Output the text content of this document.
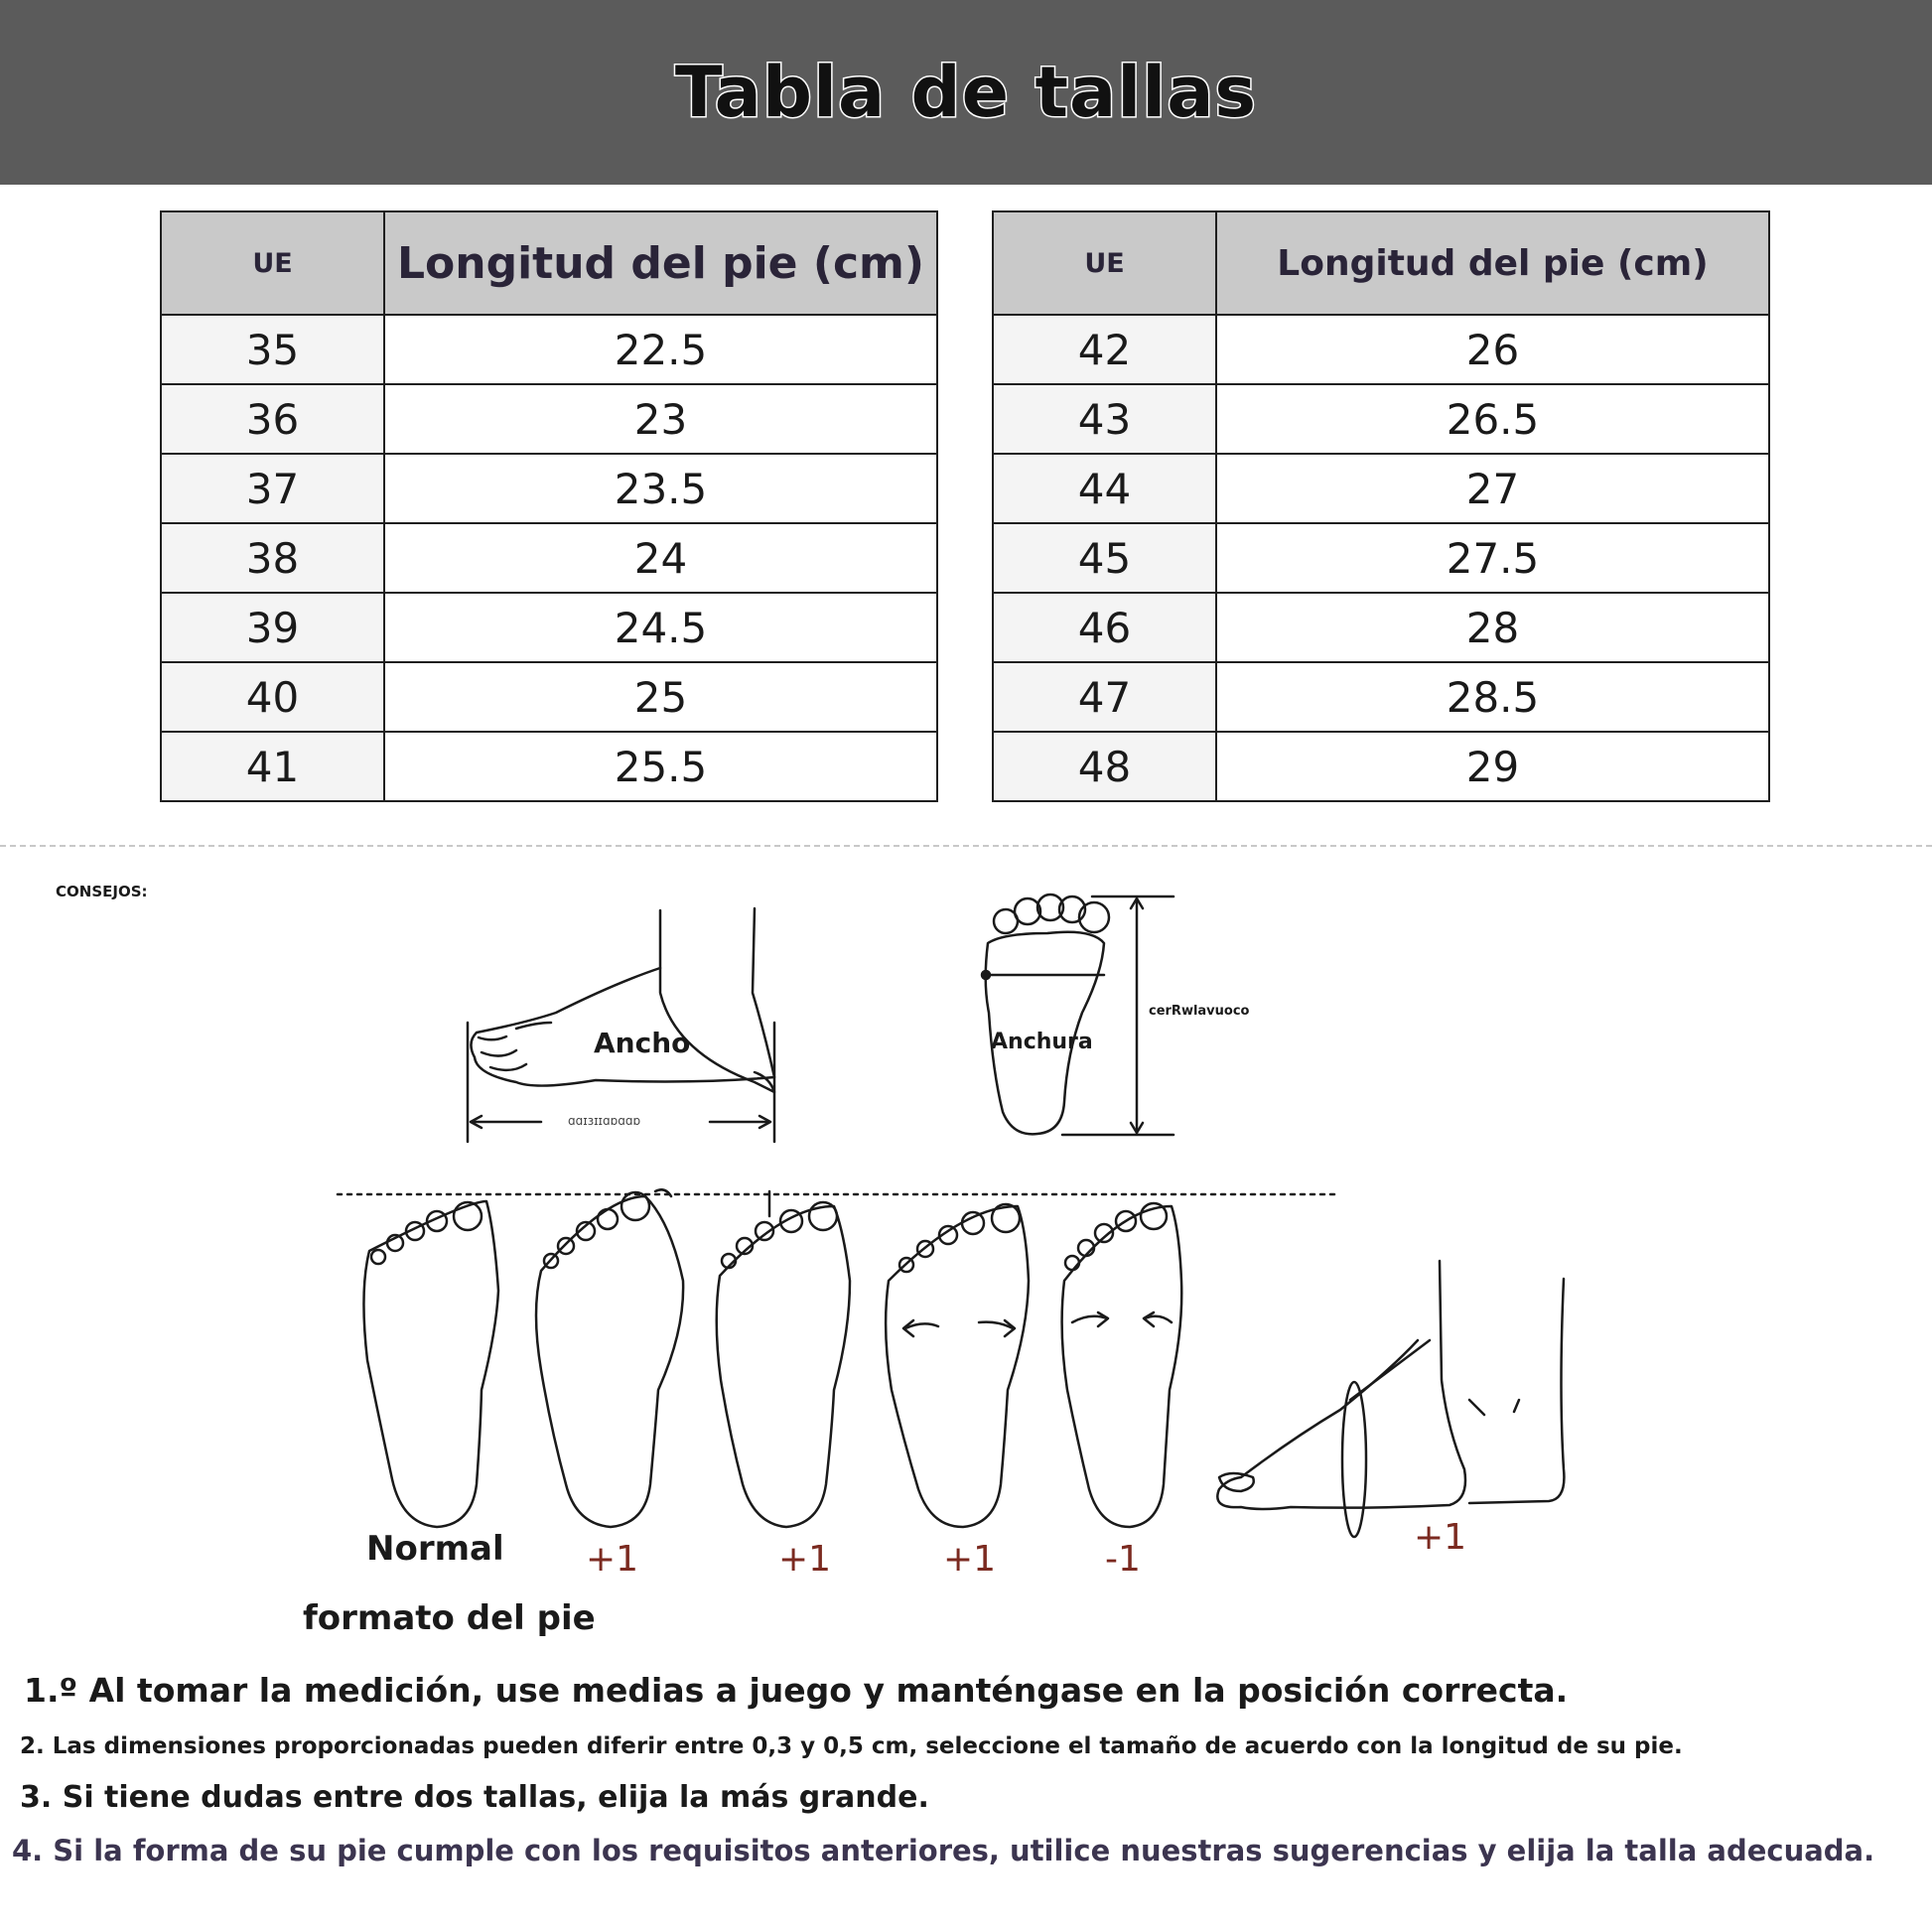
Tabla de tallas
UE	Longitud del pie (cm)
35	22.5
36	23
37	23.5
38	24
39	24.5
40	25
41	25.5
UE	Longitud del pie (cm)
42	26
43	26.5
44	27
45	27.5
46	28
47	28.5
48	29
CONSEJOS:
Ancho
ɑɑɪɜɪɪɑɒɑɑɒ
Anchura
cerRwlavuoco
Normal
formato del pie
+1	+1	+1	-1
+1
1.º Al tomar la medición, use medias a juego y manténgase en la posición correcta.
2. Las dimensiones proporcionadas pueden diferir entre 0,3 y 0,5 cm, seleccione el tamaño de acuerdo con la longitud de su pie.
3. Si tiene dudas entre dos tallas, elija la más grande.
4. Si la forma de su pie cumple con los requisitos anteriores, utilice nuestras sugerencias y elija la talla adecuada.
